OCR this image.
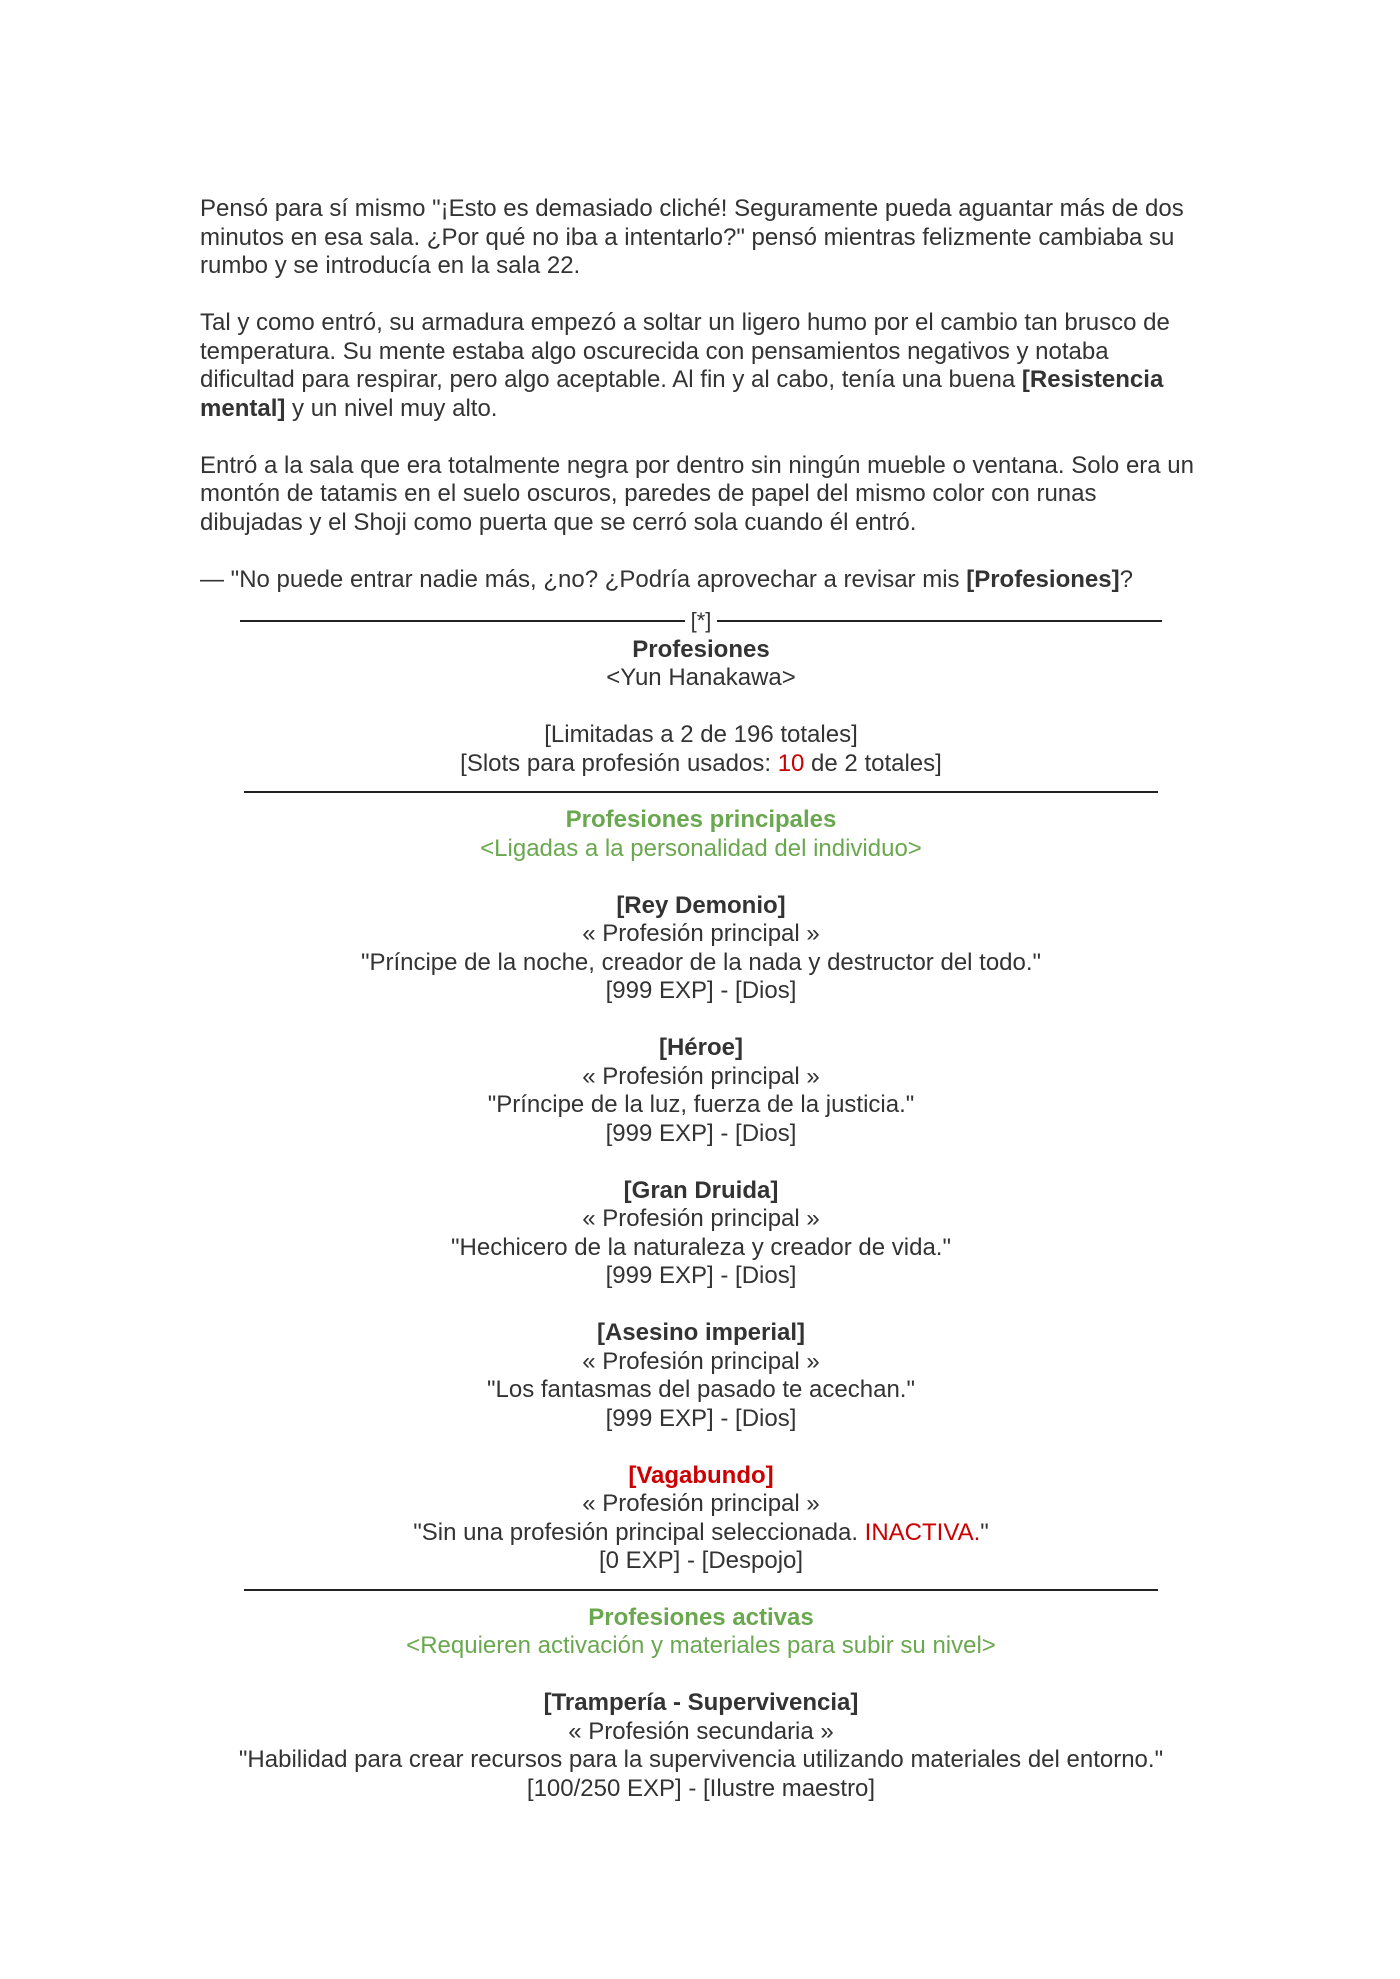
Pensó para sí mismo "¡Esto es demasiado cliché! Seguramente pueda aguantar más de dos minutos en esa sala. ¿Por qué no iba a intentarlo?" pensó mientras felizmente cambiaba su rumbo y se introducía en la sala 22.

Tal y como entró, su armadura empezó a soltar un ligero humo por el cambio tan brusco de temperatura. Su mente estaba algo oscurecida con pensamientos negativos y notaba dificultad para respirar, pero algo aceptable. Al fin y al cabo, tenía una buena [Resistencia mental] y un nivel muy alto.

Entró a la sala que era totalmente negra por dentro sin ningún mueble o ventana. Solo era un montón de tatamis en el suelo oscuros, paredes de papel del mismo color con runas dibujadas y el Shoji como puerta que se cerró sola cuando él entró.

— "No puede entrar nadie más, ¿no? ¿Podría aprovechar a revisar mis [Profesiones]?

[*]
Profesiones
<Yun Hanakawa>
[Limitadas a 2 de 196 totales]
[Slots para profesión usados: 10 de 2 totales]
Profesiones principales
<Ligadas a la personalidad del individuo>
[Rey Demonio]
« Profesión principal »
"Príncipe de la noche, creador de la nada y destructor del todo."
[999 EXP] - [Dios]
[Héroe]
« Profesión principal »
"Príncipe de la luz, fuerza de la justicia."
[999 EXP] - [Dios]
[Gran Druida]
« Profesión principal »
"Hechicero de la naturaleza y creador de vida."
[999 EXP] - [Dios]
[Asesino imperial]
« Profesión principal »
"Los fantasmas del pasado te acechan."
[999 EXP] - [Dios]
[Vagabundo]
« Profesión principal »
"Sin una profesión principal seleccionada. INACTIVA."
[0 EXP] - [Despojo]
Profesiones activas
<Requieren activación y materiales para subir su nivel>
[Trampería - Supervivencia]
« Profesión secundaria »
"Habilidad para crear recursos para la supervivencia utilizando materiales del entorno."
[100/250 EXP] - [Ilustre maestro]
